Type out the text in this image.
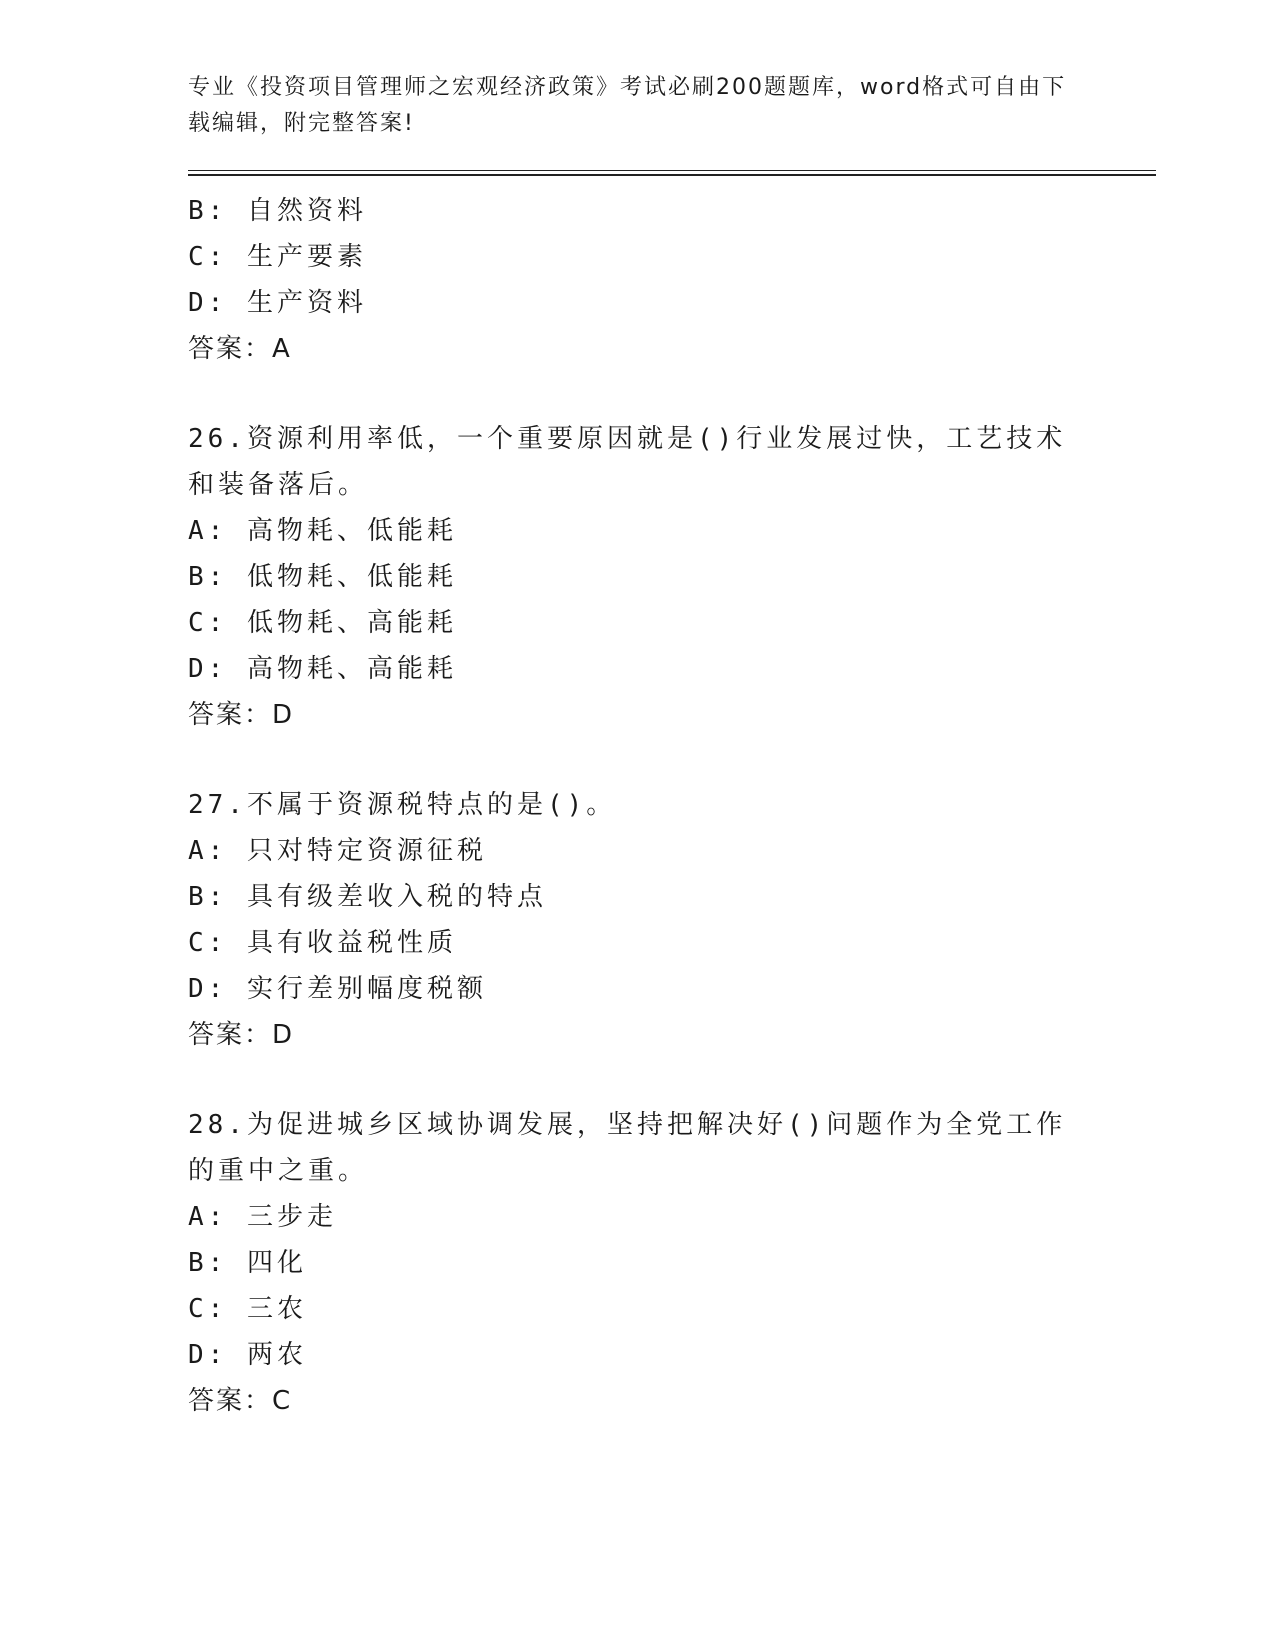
专业《投资项目管理师之宏观经济政策》考试必刷200题题库，word格式可自由下载编辑，附完整答案!
B: 自然资料
C: 生产要素
D: 生产资料
答案：A
26.资源利用率低，一个重要原因就是()行业发展过快，工艺技术和装备落后。
A: 高物耗、低能耗
B: 低物耗、低能耗
C: 低物耗、高能耗
D: 高物耗、高能耗
答案：D
27.不属于资源税特点的是()。
A: 只对特定资源征税
B: 具有级差收入税的特点
C: 具有收益税性质
D: 实行差别幅度税额
答案：D
28.为促进城乡区域协调发展，坚持把解决好()问题作为全党工作的重中之重。
A: 三步走
B: 四化
C: 三农
D: 两农
答案：C
